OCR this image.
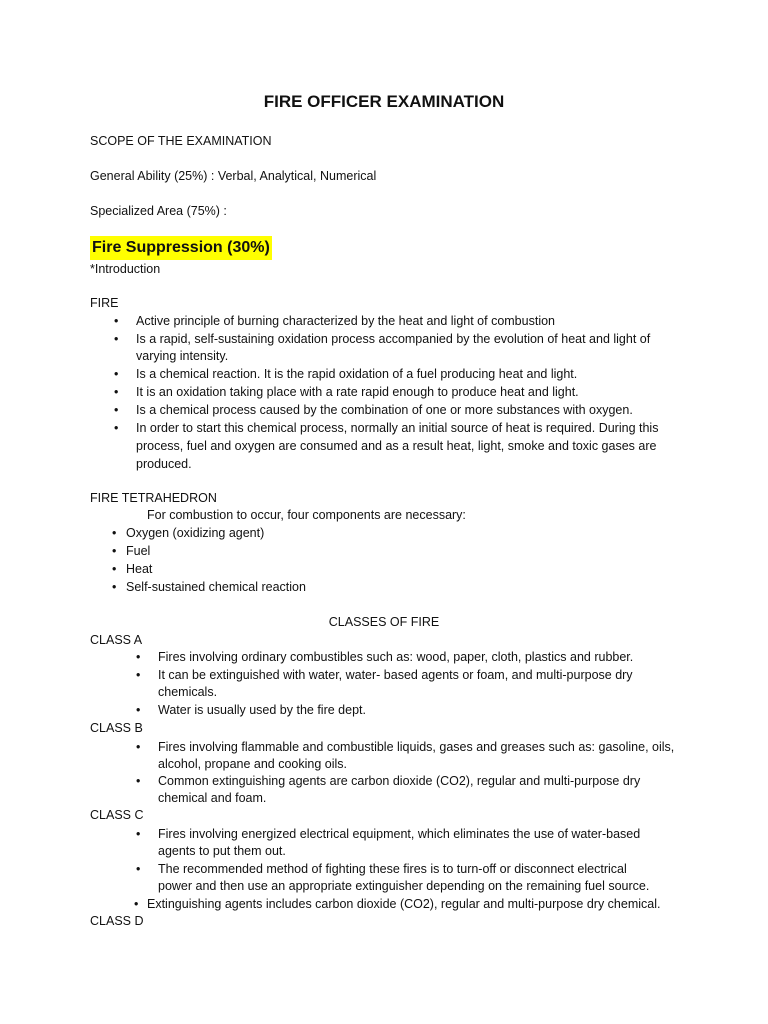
FIRE OFFICER EXAMINATION
SCOPE OF THE EXAMINATION
General Ability (25%) : Verbal, Analytical, Numerical
Specialized Area (75%) :
Fire Suppression (30%)
*Introduction
FIRE
• Active principle of burning characterized by the heat and light of combustion
• Is a rapid, self-sustaining oxidation process accompanied by the evolution of heat and light of
varying intensity.
• Is a chemical reaction. It is the rapid oxidation of a fuel producing heat and light.
• It is an oxidation taking place with a rate rapid enough to produce heat and light.
• Is a chemical process caused by the combination of one or more substances with oxygen.
• In order to start this chemical process, normally an initial source of heat is required. During this
process, fuel and oxygen are consumed and as a result heat, light, smoke and toxic gases are
produced.
FIRE TETRAHEDRON
For combustion to occur, four components are necessary:
• Oxygen (oxidizing agent)
• Fuel
• Heat
• Self-sustained chemical reaction
CLASSES OF FIRE
CLASS A
• Fires involving ordinary combustibles such as: wood, paper, cloth, plastics and rubber.
• It can be extinguished with water, water- based agents or foam, and multi-purpose dry
chemicals.
• Water is usually used by the fire dept.
CLASS B
• Fires involving flammable and combustible liquids, gases and greases such as: gasoline, oils,
alcohol, propane and cooking oils.
• Common extinguishing agents are carbon dioxide (CO2), regular and multi-purpose dry
chemical and foam.
CLASS C
• Fires involving energized electrical equipment, which eliminates the use of water-based
agents to put them out.
• The recommended method of fighting these fires is to turn-off or disconnect electrical
power and then use an appropriate extinguisher depending on the remaining fuel source.
• Extinguishing agents includes carbon dioxide (CO2), regular and multi-purpose dry chemical.
CLASS D
